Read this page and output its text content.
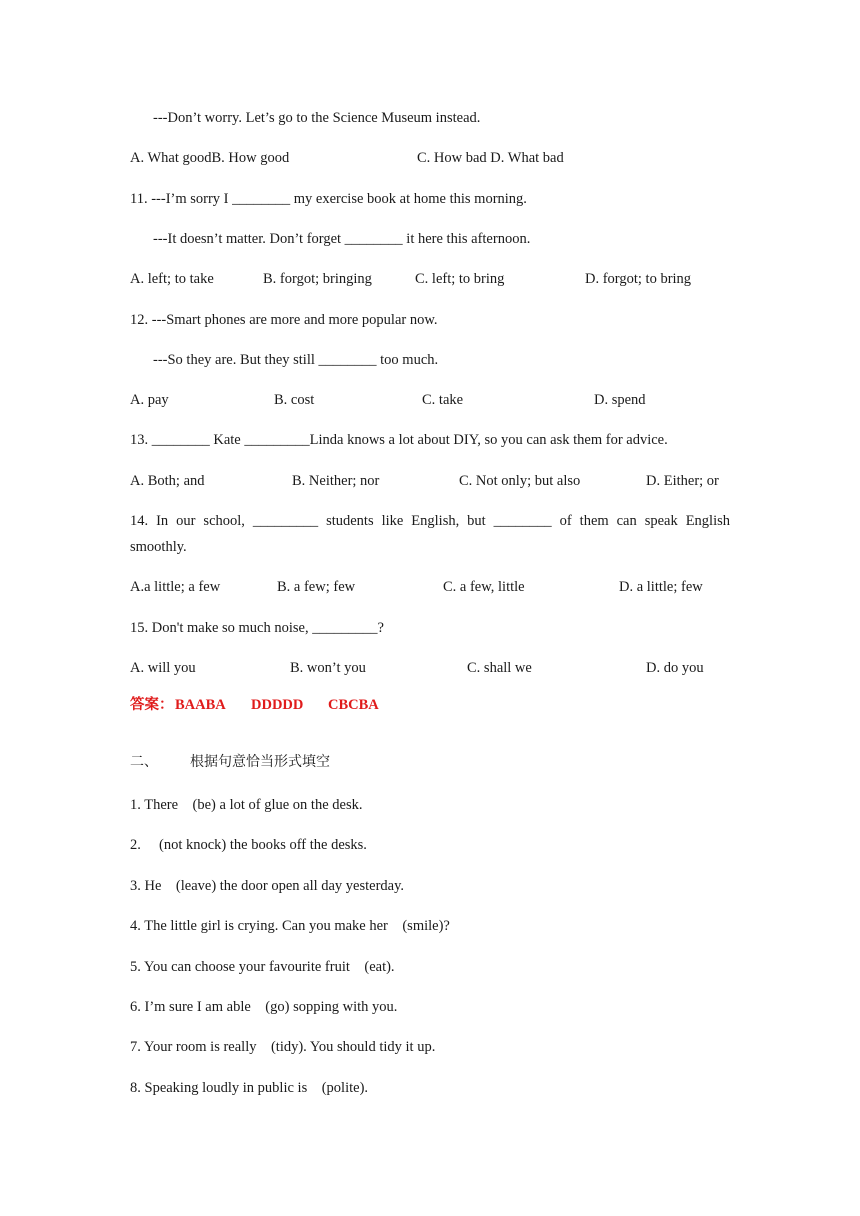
---Don’t worry. Let’s go to the Science Museum instead.
A. What goodB. How good	C. How bad D. What bad
11. ---I’m sorry I ________ my exercise book at home this morning.
---It doesn’t matter. Don’t forget ________ it here this afternoon.
A. left; to take	B. forgot; bringing	C. left; to bring	D. forgot; to bring
12. ---Smart phones are more and more popular now.
---So they are. But they still ________ too much.
A. pay	B. cost	C. take	D. spend
13. ________ Kate _________Linda knows a lot about DIY, so you can ask them for advice.
A. Both; and	B. Neither; nor	C. Not only; but also	D. Either; or
14. In our school, _________ students like English, but ________ of them can speak English
smoothly.
A.a little; a few	B. a few; few	C. a few, little	D. a little; few
15. Don't make so much noise, _________?
A. will you	B. won’t you	C. shall we	D. do you
答案： BAABA DDDDD CBCBA
二、 根据句意恰当形式填空
1. There　(be) a lot of glue on the desk.
2. 　(not knock) the books off the desks.
3. He　(leave) the door open all day yesterday.
4. The little girl is crying. Can you make her　(smile)?
5. You can choose your favourite fruit　(eat).
6. I’m sure I am able　(go) sopping with you.
7. Your room is really　(tidy). You should tidy it up.
8. Speaking loudly in public is　(polite).
